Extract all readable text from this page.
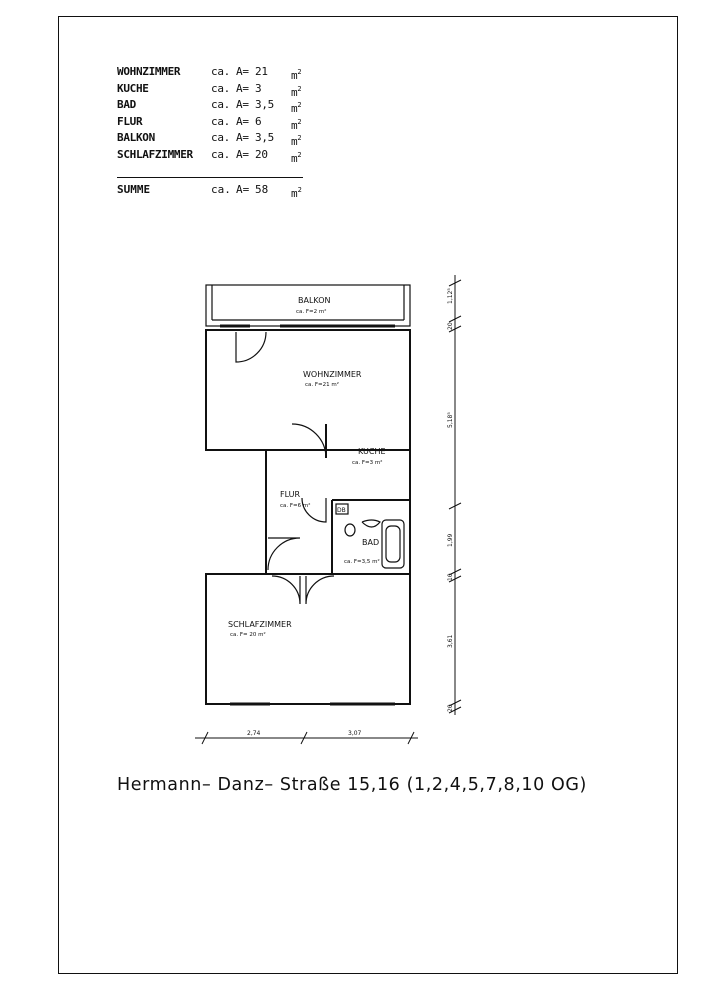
WOHNZIMMER	ca. A= 21 $m^2$
KUCHE	ca. A= 3	$m^2$
BAD	ca. A= 3,5 $m^2$
FLUR	ca. A= 6	$m^2$
BALKON	ca. A= 3,5 $m^2$
SCHLAFZIMMER ca. A= 20 $m^2$
SUMME	ca. A= 58 $m^2$
BALKON
ca. F=2 m²
WOHNZIMMER
ca. F=21 m²
KUCHE
ca. F=3 m²
FLUR
ca. F=6 m²
BAD
ca. F=3,5 m²
SCHLAFZIMMER
ca. F= 20 m²
DB
1,12⁵
20
5,18⁵
1,99
10
3,61
20
2,74	3,07
Hermann– Danz– Straße 15,16 (1,2,4,5,7,8,10 OG)
